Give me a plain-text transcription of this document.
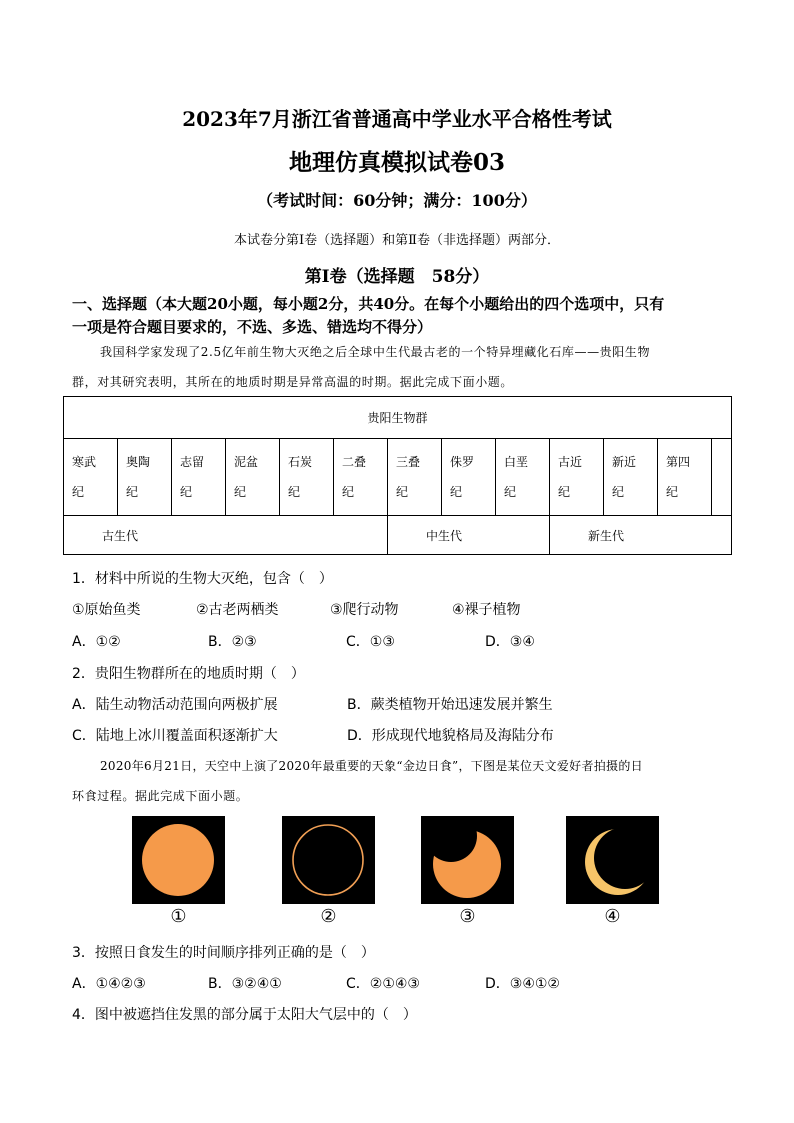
2023年7月浙江省普通高中学业水平合格性考试
地理仿真模拟试卷03
（考试时间：60分钟；满分：100分）
本试卷分第Ⅰ卷（选择题）和第Ⅱ卷（非选择题）两部分．
第Ⅰ卷（选择题　58分）
一、选择题（本大题20小题，每小题2分，共40分。在每个小题给出的四个选项中，只有
一项是符合题目要求的，不选、多选、错选均不得分）
我国科学家发现了2.5亿年前生物大灭绝之后全球中生代最古老的一个特异埋藏化石库——贵阳生物
群，对其研究表明，其所在的地质时期是异常高温的时期。据此完成下面小题。
贵阳生物群												
寒武
纪	奥陶
纪	志留
纪	泥盆
纪	石炭
纪	二叠
纪	三叠
纪	侏罗
纪	白垩
纪	古近
纪	新近
纪	第四
纪	
古生代						中生代			新生代			
1．材料中所说的生物大灭绝，包含（　）
①原始鱼类	②古老两栖类	③爬行动物	④裸子植物
A．①②	B．②③	C．①③	D．③④
2．贵阳生物群所在的地质时期（　）
A．陆生动物活动范围向两极扩展	B．蕨类植物开始迅速发展并繁生
C．陆地上冰川覆盖面积逐渐扩大	D．形成现代地貌格局及海陆分布
2020年6月21日，天空中上演了2020年最重要的天象“金边日食”，下图是某位天文爱好者拍摄的日
环食过程。据此完成下面小题。
①	②	③	④
3．按照日食发生的时间顺序排列正确的是（　）
A．①④②③	B．③②④①	C．②①④③	D．③④①②
4．图中被遮挡住发黑的部分属于太阳大气层中的（　）
